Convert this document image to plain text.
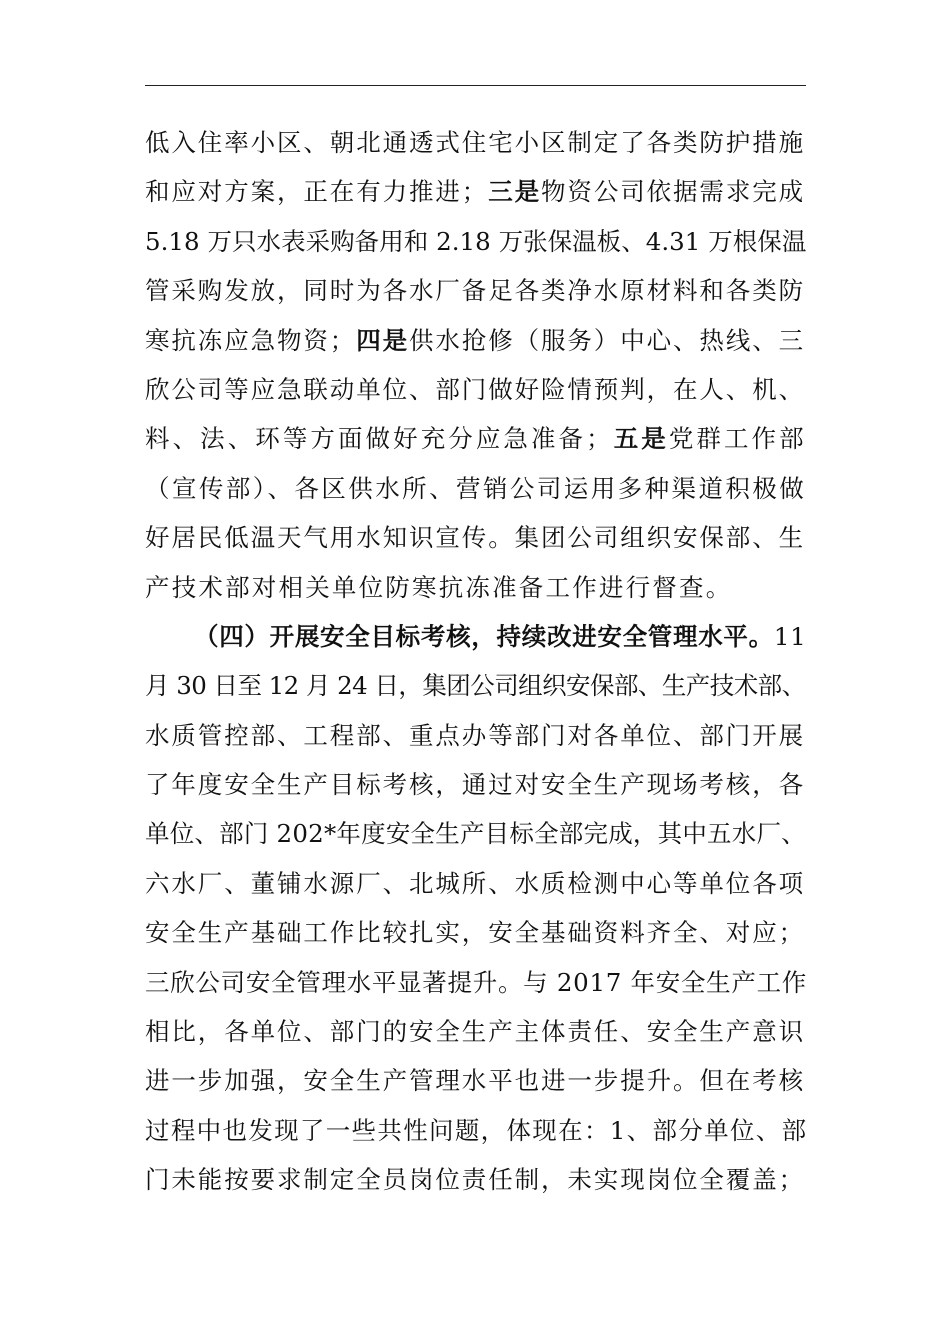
低入住率小区、朝北通透式住宅小区制定了各类防护措施
和应对方案，正在有力推进；三是物资公司依据需求完成
5.18 万只水表采购备用和 2.18 万张保温板、4.31 万根保温
管采购发放，同时为各水厂备足各类净水原材料和各类防
寒抗冻应急物资；四是供水抢修（服务）中心、热线、三
欣公司等应急联动单位、部门做好险情预判，在人、机、
料、法、环等方面做好充分应急准备；五是党群工作部
（宣传部）、各区供水所、营销公司运用多种渠道积极做
好居民低温天气用水知识宣传。集团公司组织安保部、生
产技术部对相关单位防寒抗冻准备工作进行督查。
（四）开展安全目标考核，持续改进安全管理水平。11
月 30 日至 12 月 24 日，集团公司组织安保部、生产技术部、
水质管控部、工程部、重点办等部门对各单位、部门开展
了年度安全生产目标考核，通过对安全生产现场考核，各
单位、部门 202*年度安全生产目标全部完成，其中五水厂、
六水厂、董铺水源厂、北城所、水质检测中心等单位各项
安全生产基础工作比较扎实，安全基础资料齐全、对应；
三欣公司安全管理水平显著提升。与 2017 年安全生产工作
相比，各单位、部门的安全生产主体责任、安全生产意识
进一步加强，安全生产管理水平也进一步提升。但在考核
过程中也发现了一些共性问题，体现在：1、部分单位、部
门未能按要求制定全员岗位责任制，未实现岗位全覆盖；
